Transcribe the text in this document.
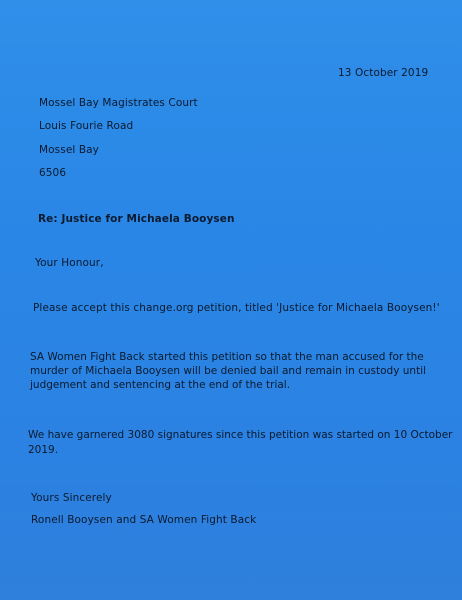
13 October 2019
Mossel Bay Magistrates Court
Louis Fourie Road
Mossel Bay
6506
Re: Justice for Michaela Booysen
Your Honour,
Please accept this change.org petition, titled 'Justice for Michaela Booysen!'
SA Women Fight Back started this petition so that the man accused for the
murder of Michaela Booysen will be denied bail and remain in custody until
judgement and sentencing at the end of the trial.
We have garnered 3080 signatures since this petition was started on 10 October
2019.
Yours Sincerely
Ronell Booysen and SA Women Fight Back
